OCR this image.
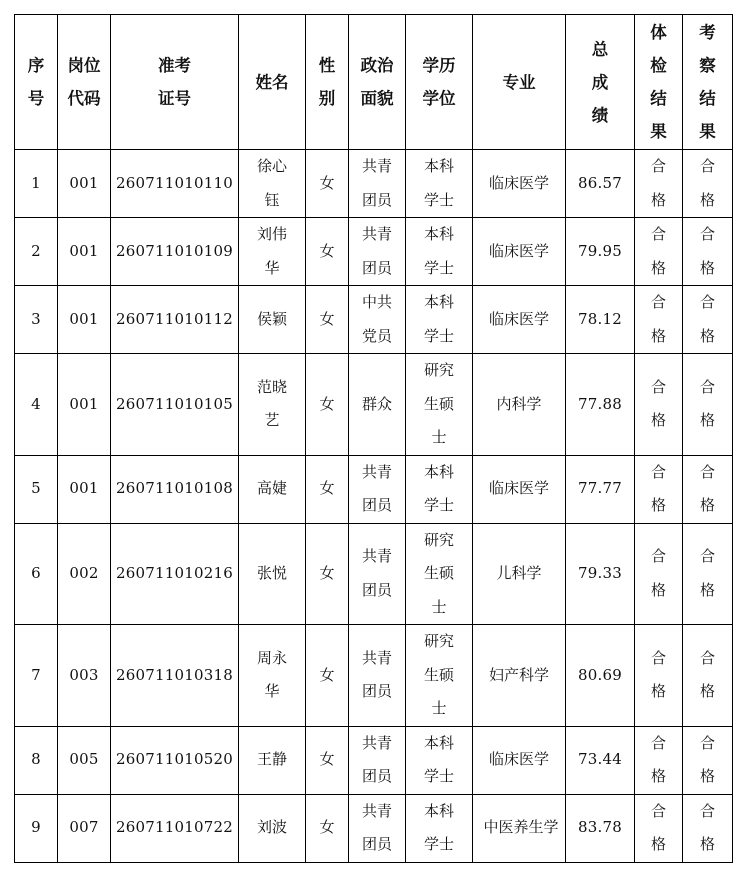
序号	岗位代码	准考证号	姓名	性别	政治面貌	学历学位	专业	总成绩	体检结果	考察结果
1	001	260711010110	徐心钰	女	共青团员	本科学士	临床医学	86.57	合格	合格
2	001	260711010109	刘伟华	女	共青团员	本科学士	临床医学	79.95	合格	合格
3	001	260711010112	侯颖	女	中共党员	本科学士	临床医学	78.12	合格	合格
4	001	260711010105	范晓艺	女	群众	研究生硕士	内科学	77.88	合格	合格
5	001	260711010108	高婕	女	共青团员	本科学士	临床医学	77.77	合格	合格
6	002	260711010216	张悦	女	共青团员	研究生硕士	儿科学	79.33	合格	合格
7	003	260711010318	周永华	女	共青团员	研究生硕士	妇产科学	80.69	合格	合格
8	005	260711010520	王静	女	共青团员	本科学士	临床医学	73.44	合格	合格
9	007	260711010722	刘波	女	共青团员	本科学士	中医养生学	83.78	合格	合格
